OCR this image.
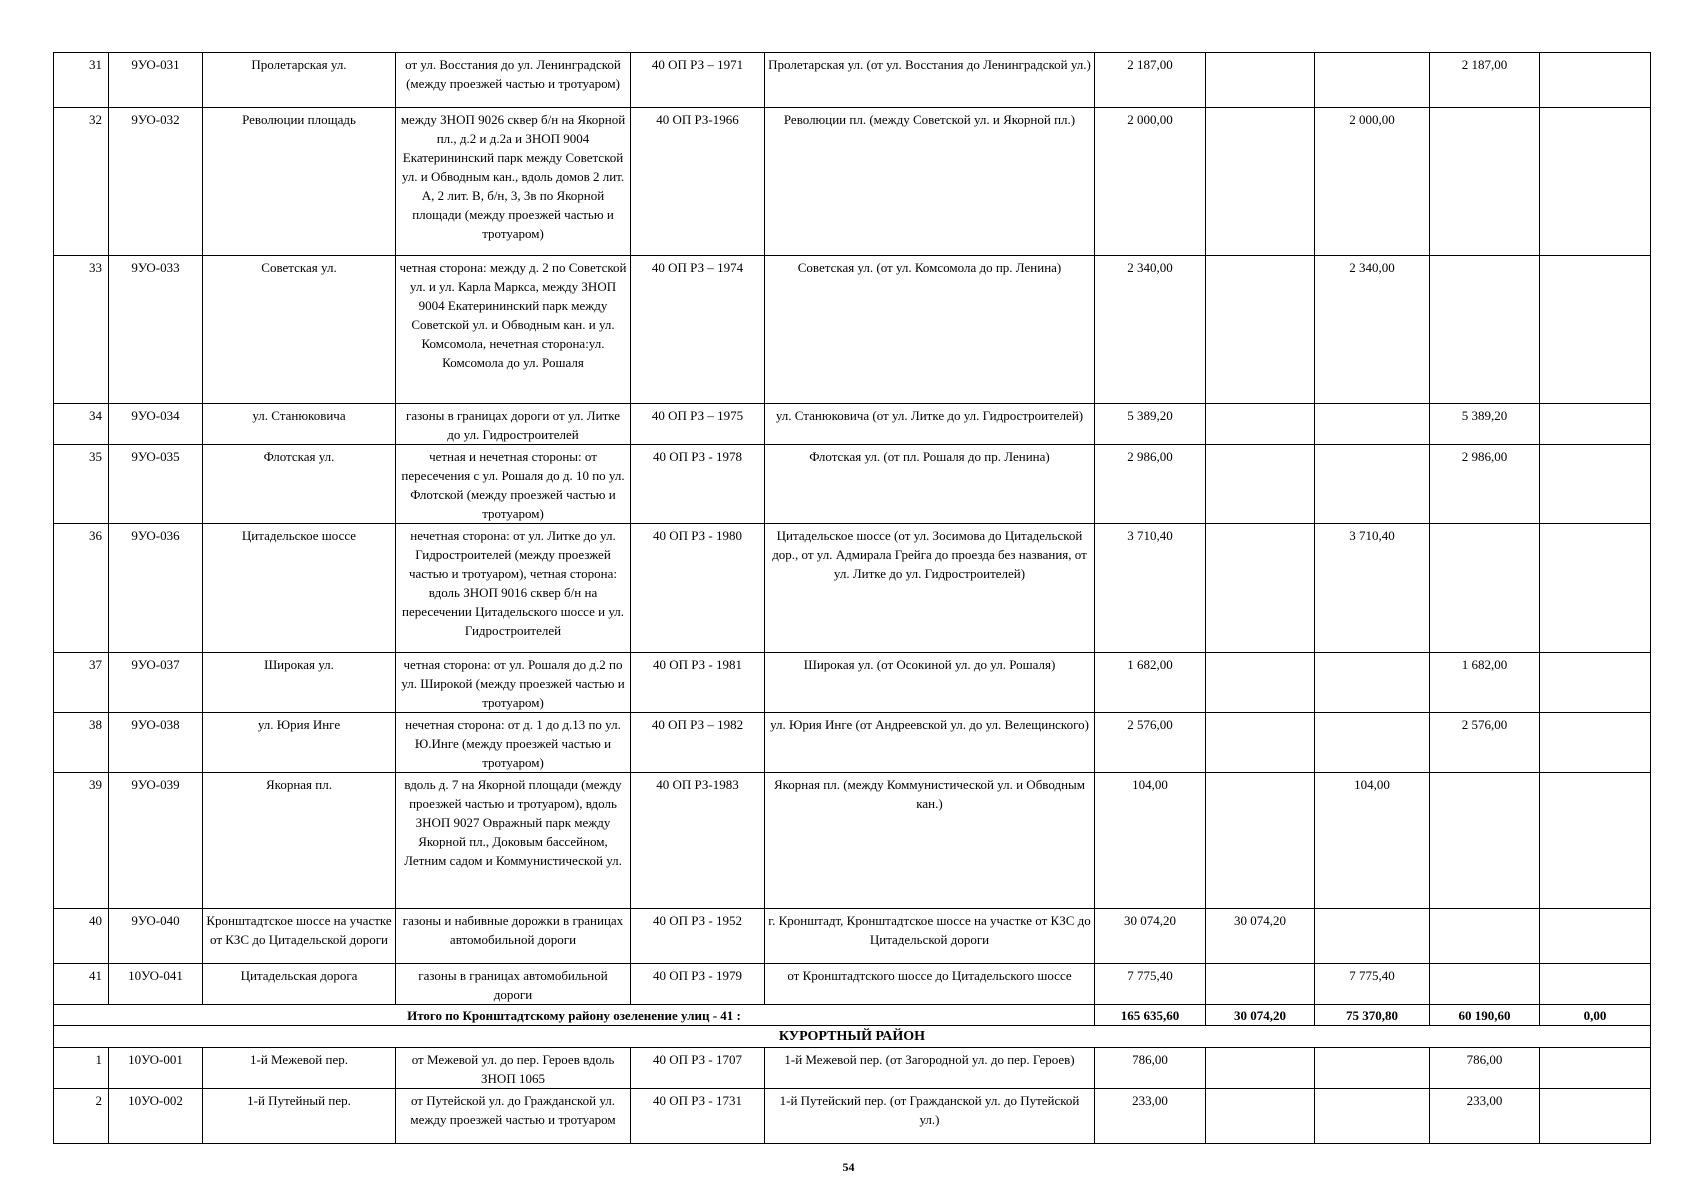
31	9УО-031	Пролетарская ул.	от ул. Восстания до ул. Ленинградской (между проезжей частью и тротуаром)	40 ОП РЗ – 1971	Пролетарская ул. (от ул. Восстания до Ленинградской ул.)	2 187,00			2 187,00	
32	9УО-032	Революции площадь	между ЗНОП 9026 сквер б/н на Якорной пл., д.2 и д.2а и ЗНОП 9004 Екатерининский парк между Советской ул. и Обводным кан., вдоль домов 2 лит. А, 2 лит. В, б/н, 3, 3в по Якорной площади (между проезжей частью и тротуаром)	40 ОП РЗ-1966	Революции пл. (между Советской ул. и Якорной пл.)	2 000,00		2 000,00		
33	9УО-033	Советская ул.	четная сторона: между д. 2 по Советской ул. и ул. Карла Маркса, между ЗНОП 9004 Екатерининский парк между Советской ул. и Обводным кан. и ул. Комсомола, нечетная сторона:ул. Комсомола до ул. Рошаля	40 ОП РЗ – 1974	Советская ул. (от ул. Комсомола до пр. Ленина)	2 340,00		2 340,00		
34	9УО-034	ул. Станюковича	газоны в границах дороги от ул. Литке до ул. Гидростроителей	40 ОП РЗ – 1975	ул. Станюковича (от ул. Литке до ул. Гидростроителей)	5 389,20			5 389,20	
35	9УО-035	Флотская ул.	четная и нечетная стороны: от пересечения с ул. Рошаля до д. 10 по ул. Флотской (между проезжей частью и тротуаром)	40 ОП РЗ - 1978	Флотская ул. (от пл. Рошаля до пр. Ленина)	2 986,00			2 986,00	
36	9УО-036	Цитадельское шоссе	нечетная сторона: от ул. Литке до ул. Гидростроителей (между проезжей частью и тротуаром), четная сторона: вдоль ЗНОП 9016 сквер б/н на пересечении Цитадельского шоссе и ул. Гидростроителей	40 ОП РЗ - 1980	Цитадельское шоссе (от ул. Зосимова до Цитадельской дор., от ул. Адмирала Грейга до проезда без названия, от ул. Литке до ул. Гидростроителей)	3 710,40		3 710,40		
37	9УО-037	Широкая ул.	четная сторона: от ул. Рошаля до д.2 по ул. Широкой (между проезжей частью и тротуаром)	40 ОП РЗ - 1981	Широкая ул. (от Осокиной ул. до ул. Рошаля)	1 682,00			1 682,00	
38	9УО-038	ул. Юрия Инге	нечетная сторона: от д. 1 до д.13 по ул. Ю.Инге (между проезжей частью и тротуаром)	40 ОП РЗ – 1982	ул. Юрия Инге (от Андреевской ул. до ул. Велещинского)	2 576,00			2 576,00	
39	9УО-039	Якорная пл.	вдоль д. 7 на Якорной площади (между проезжей частью и тротуаром), вдоль ЗНОП 9027 Овражный парк между Якорной пл., Доковым бассейном, Летним садом и Коммунистической ул.	40 ОП РЗ-1983	Якорная пл. (между Коммунистической ул. и Обводным кан.)	104,00		104,00		
40	9УО-040	Кронштадтское шоссе на участке от КЗС до Цитадельской дороги	газоны и набивные дорожки в границах автомобильной дороги	40 ОП РЗ - 1952	г. Кронштадт, Кронштадтское шоссе на участке от КЗС до Цитадельской дороги	30 074,20	30 074,20			
41	10УО-041	Цитадельская дорога	газоны в границах автомобильной дороги	40 ОП РЗ - 1979	от Кронштадтского шоссе до Цитадельского шоссе	7 775,40		7 775,40		
Итого по Кронштадтскому району озеленение улиц - 41 :						165 635,60	30 074,20	75 370,80	60 190,60	0,00
КУРОРТНЫЙ РАЙОН										
1	10УО-001	1-й Межевой пер.	от Межевой ул. до пер. Героев вдоль ЗНОП 1065	40 ОП РЗ - 1707	1-й Межевой пер. (от Загородной ул. до пер. Героев)	786,00			786,00	
2	10УО-002	1-й Путейный пер.	от Путейской ул. до Гражданской ул. между проезжей частью и тротуаром	40 ОП РЗ - 1731	1-й Путейский пер. (от Гражданской ул. до Путейской ул.)	233,00			233,00	
54
